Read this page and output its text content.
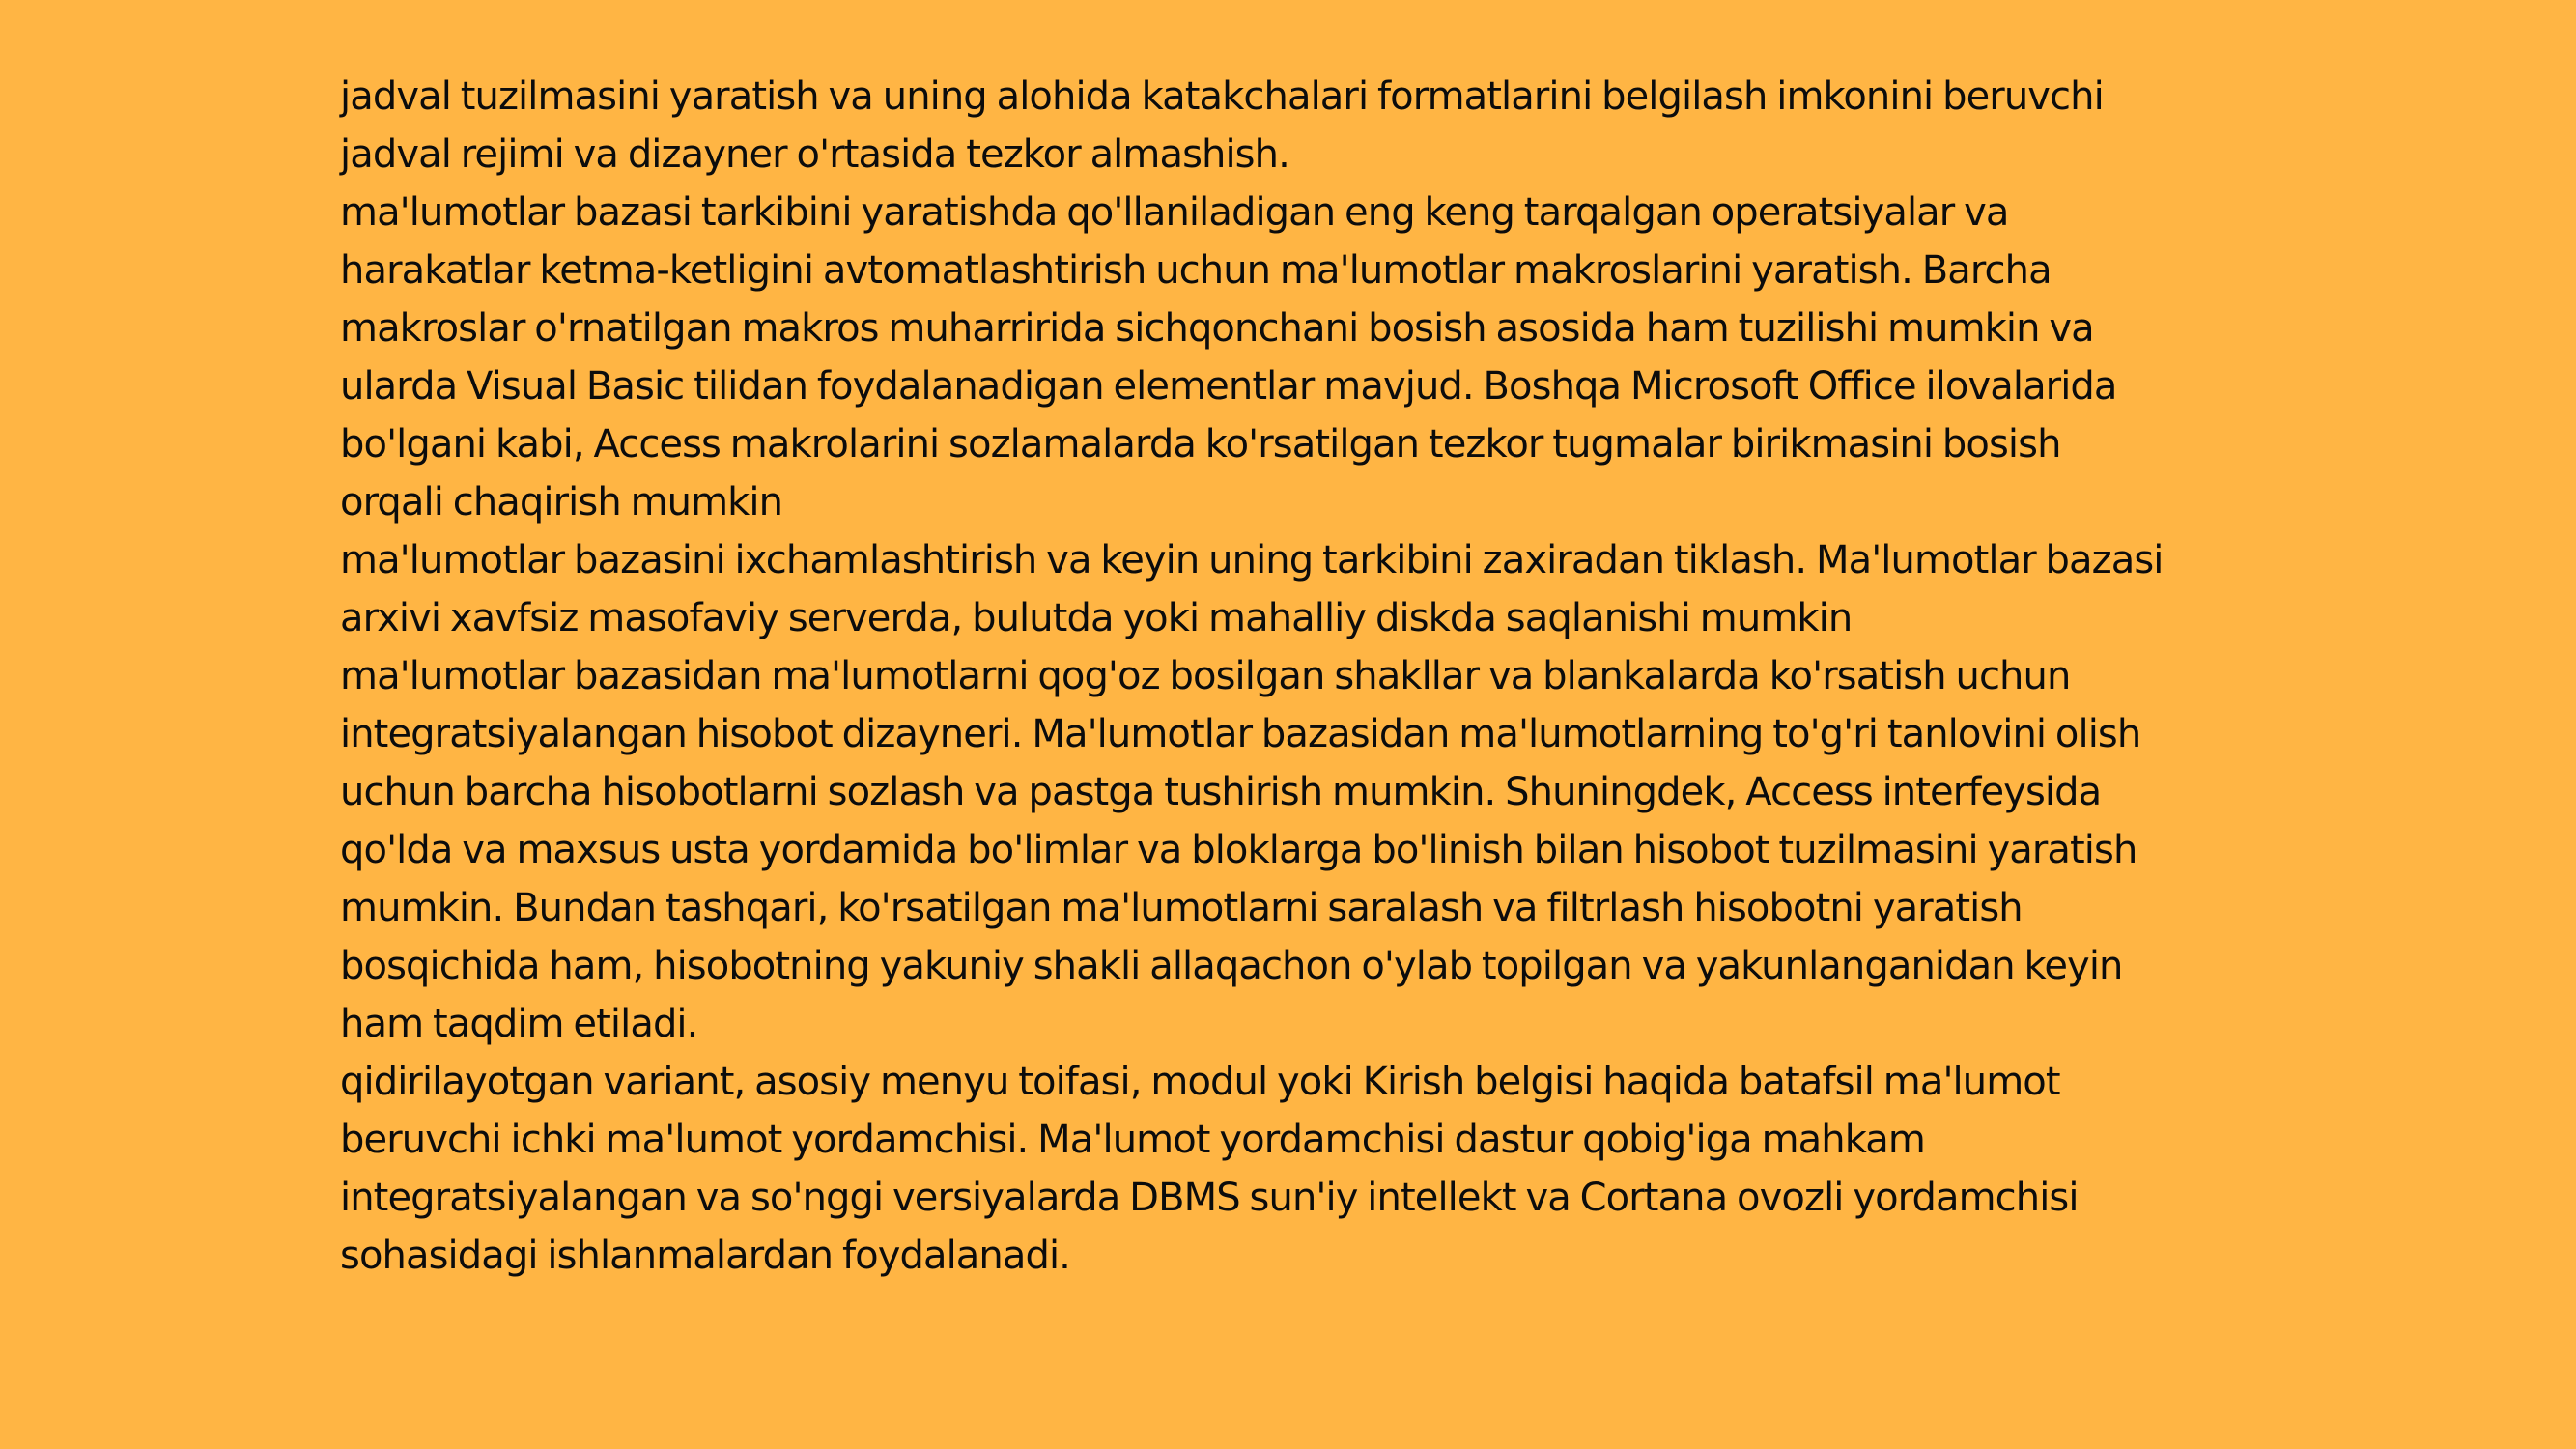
jadval tuzilmasini yaratish va uning alohida katakchalari formatlarini belgilash imkonini beruvchi
jadval rejimi va dizayner o'rtasida tezkor almashish.
ma'lumotlar bazasi tarkibini yaratishda qo'llaniladigan eng keng tarqalgan operatsiyalar va
harakatlar ketma-ketligini avtomatlashtirish uchun ma'lumotlar makroslarini yaratish. Barcha
makroslar o'rnatilgan makros muharririda sichqonchani bosish asosida ham tuzilishi mumkin va
ularda Visual Basic tilidan foydalanadigan elementlar mavjud. Boshqa Microsoft Office ilovalarida
bo'lgani kabi, Access makrolarini sozlamalarda ko'rsatilgan tezkor tugmalar birikmasini bosish
orqali chaqirish mumkin
ma'lumotlar bazasini ixchamlashtirish va keyin uning tarkibini zaxiradan tiklash. Ma'lumotlar bazasi
arxivi xavfsiz masofaviy serverda, bulutda yoki mahalliy diskda saqlanishi mumkin
ma'lumotlar bazasidan ma'lumotlarni qog'oz bosilgan shakllar va blankalarda ko'rsatish uchun
integratsiyalangan hisobot dizayneri. Ma'lumotlar bazasidan ma'lumotlarning to'g'ri tanlovini olish
uchun barcha hisobotlarni sozlash va pastga tushirish mumkin. Shuningdek, Access interfeysida
qo'lda va maxsus usta yordamida bo'limlar va bloklarga bo'linish bilan hisobot tuzilmasini yaratish
mumkin. Bundan tashqari, ko'rsatilgan ma'lumotlarni saralash va filtrlash hisobotni yaratish
bosqichida ham, hisobotning yakuniy shakli allaqachon o'ylab topilgan va yakunlanganidan keyin
ham taqdim etiladi.
qidirilayotgan variant, asosiy menyu toifasi, modul yoki Kirish belgisi haqida batafsil ma'lumot
beruvchi ichki ma'lumot yordamchisi. Ma'lumot yordamchisi dastur qobig'iga mahkam
integratsiyalangan va so'nggi versiyalarda DBMS sun'iy intellekt va Cortana ovozli yordamchisi
sohasidagi ishlanmalardan foydalanadi.
